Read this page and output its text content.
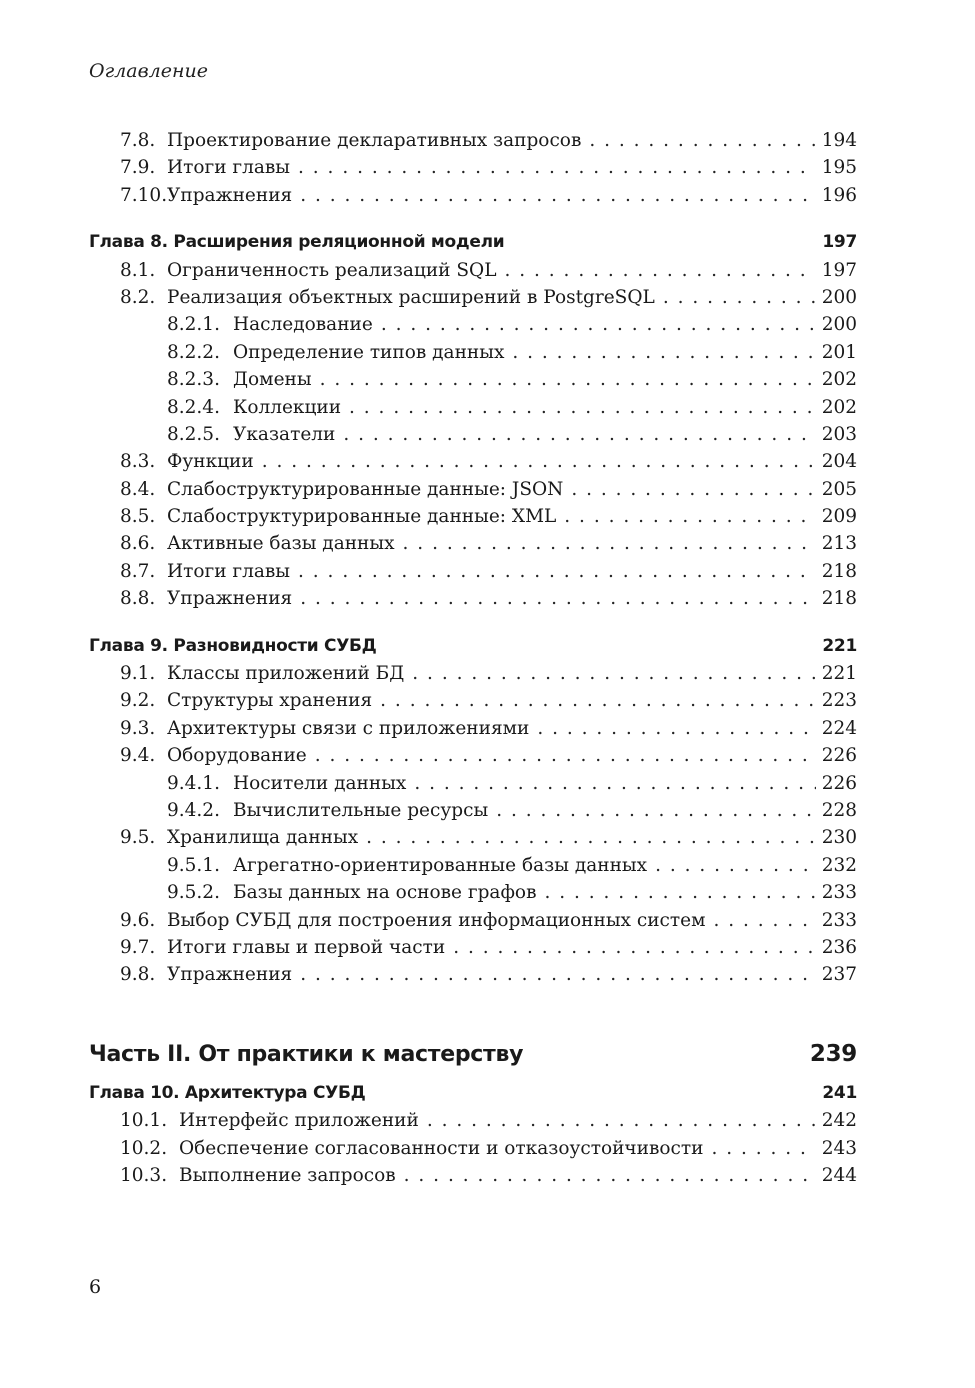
Оглавление
7.8. Проектирование декларативных запросов . . .	194
7.9. Итоги главы . . .	195
7.10. Упражнения . . .	196
Глава 8. Расширения реляционной модели	197
8.1. Ограниченность реализаций SQL . . .	197
8.2. Реализация объектных расширений в PostgreSQL . . .	200
8.2.1. Наследование . . .	200
8.2.2. Определение типов данных . . .	201
8.2.3. Домены . . .	202
8.2.4. Коллекции . . .	202
8.2.5. Указатели . . .	203
8.3. Функции . . .	204
8.4. Слабоструктурированные данные: JSON . . .	205
8.5. Слабоструктурированные данные: XML . . .	209
8.6. Активные базы данных . . .	213
8.7. Итоги главы . . .	218
8.8. Упражнения . . .	218
Глава 9. Разновидности СУБД	221
9.1. Классы приложений БД . . .	221
9.2. Структуры хранения . . .	223
9.3. Архитектуры связи с приложениями . . .	224
9.4. Оборудование . . .	226
9.4.1. Носители данных . . .	226
9.4.2. Вычислительные ресурсы . . .	228
9.5. Хранилища данных . . .	230
9.5.1. Агрегатно-ориентированные базы данных . . .	232
9.5.2. Базы данных на основе графов . . .	233
9.6. Выбор СУБД для построения информационных систем . . .	233
9.7. Итоги главы и первой части . . .	236
9.8. Упражнения . . .	237
Часть II. От практики к мастерству	239
Глава 10. Архитектура СУБД	241
10.1. Интерфейс приложений . . .	242
10.2. Обеспечение согласованности и отказоустойчивости . . .	243
10.3. Выполнение запросов . . .	244
6
